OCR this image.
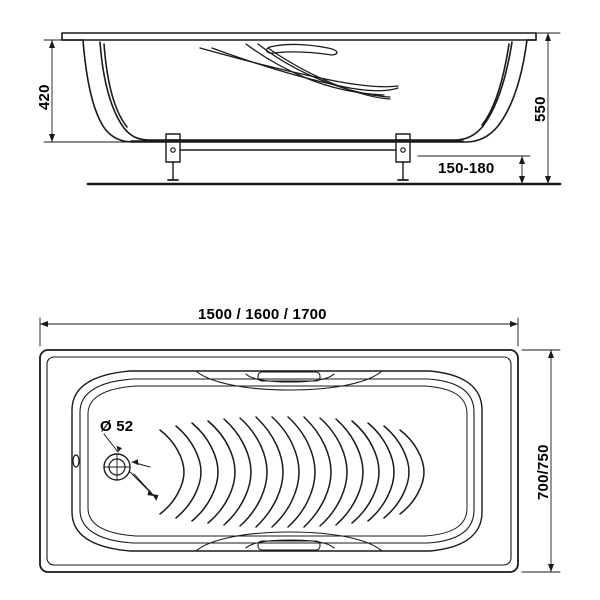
420	550
150-180
1500 / 1600 / 1700
700/750
Ø 52
